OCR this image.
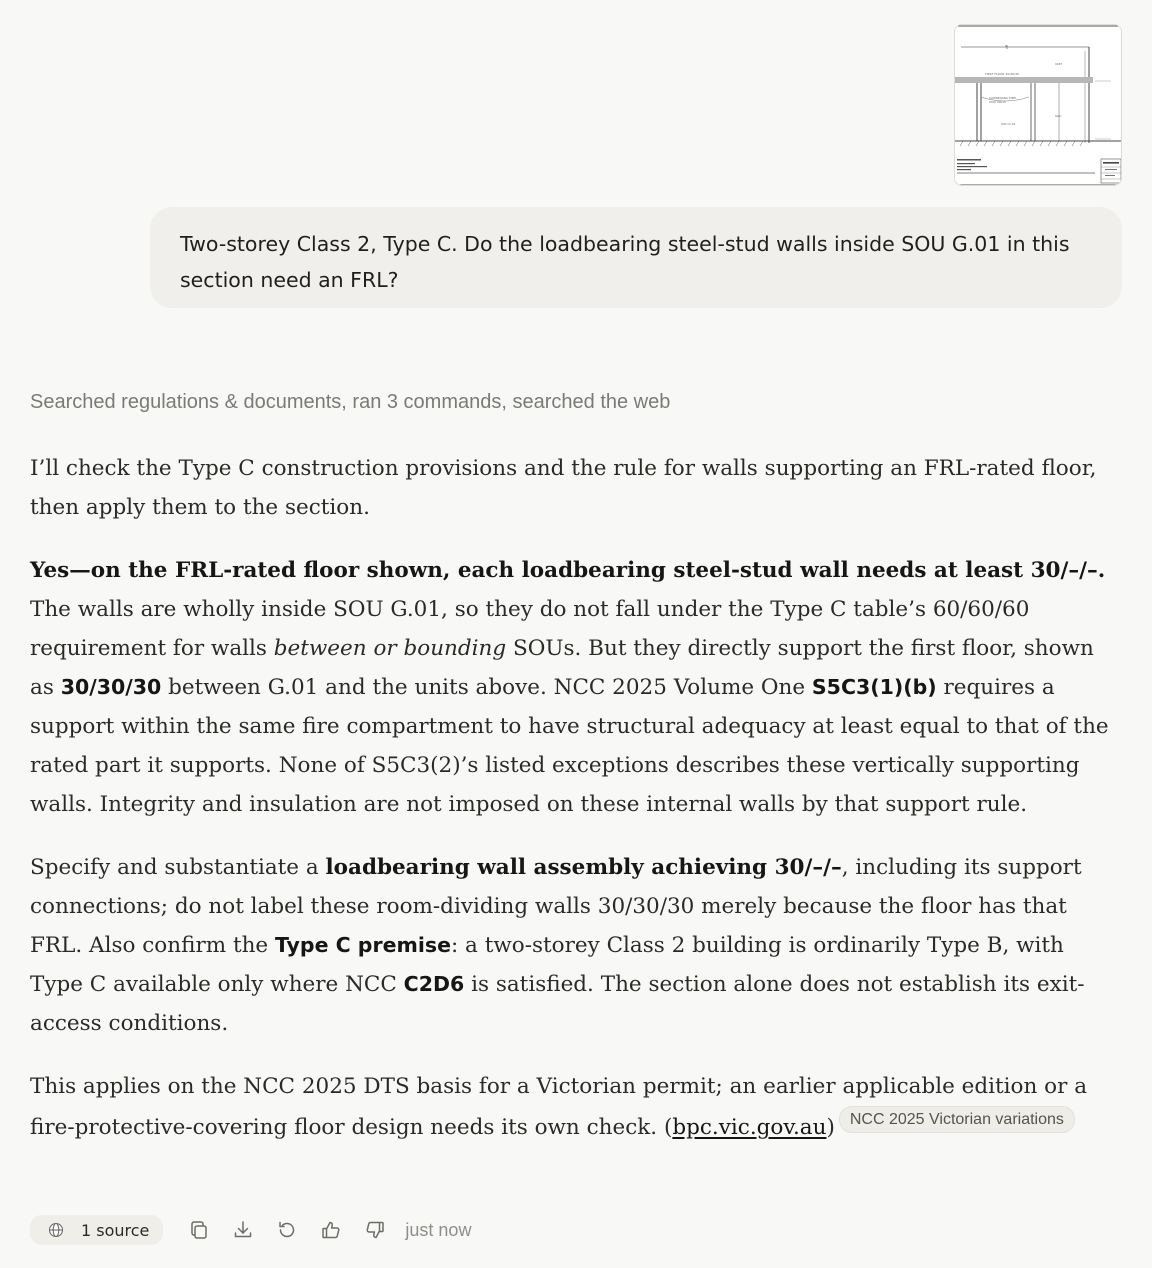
A
FIRST FLOOR 30/30/30
UNIT
LOADBEARING STEEL
STUD WALLS
SOU G.01
SOU
Two-storey Class 2, Type C. Do the loadbearing steel-stud walls inside SOU G.01 in this section need an FRL?
Searched regulations & documents, ran 3 commands, searched the web

I’ll check the Type C construction provisions and the rule for walls supporting an FRL-rated floor, then apply them to the section.

Yes—on the FRL-rated floor shown, each loadbearing steel-stud wall needs at least 30/–/–. The walls are wholly inside SOU G.01, so they do not fall under the Type C table’s 60/60/60 requirement for walls between or bounding SOUs. But they directly support the first floor, shown as 30/30/30 between G.01 and the units above. NCC 2025 Volume One S5C3(1)(b) requires a support within the same fire compartment to have structural adequacy at least equal to that of the rated part it supports. None of S5C3(2)’s listed exceptions describes these vertically supporting walls. Integrity and insulation are not imposed on these internal walls by that support rule.

Specify and substantiate a loadbearing wall assembly achieving 30/–/–, including its support connections; do not label these room-dividing walls 30/30/30 merely because the floor has that FRL. Also confirm the Type C premise: a two-storey Class 2 building is ordinarily Type B, with Type C available only where NCC C2D6 is satisfied. The section alone does not establish its exit-access conditions.

This applies on the NCC 2025 DTS basis for a Victorian permit; an earlier applicable edition or a fire-protective-covering floor design needs its own check. (bpc.vic.gov.au) NCC 2025 Victorian variations

1 source	just now
